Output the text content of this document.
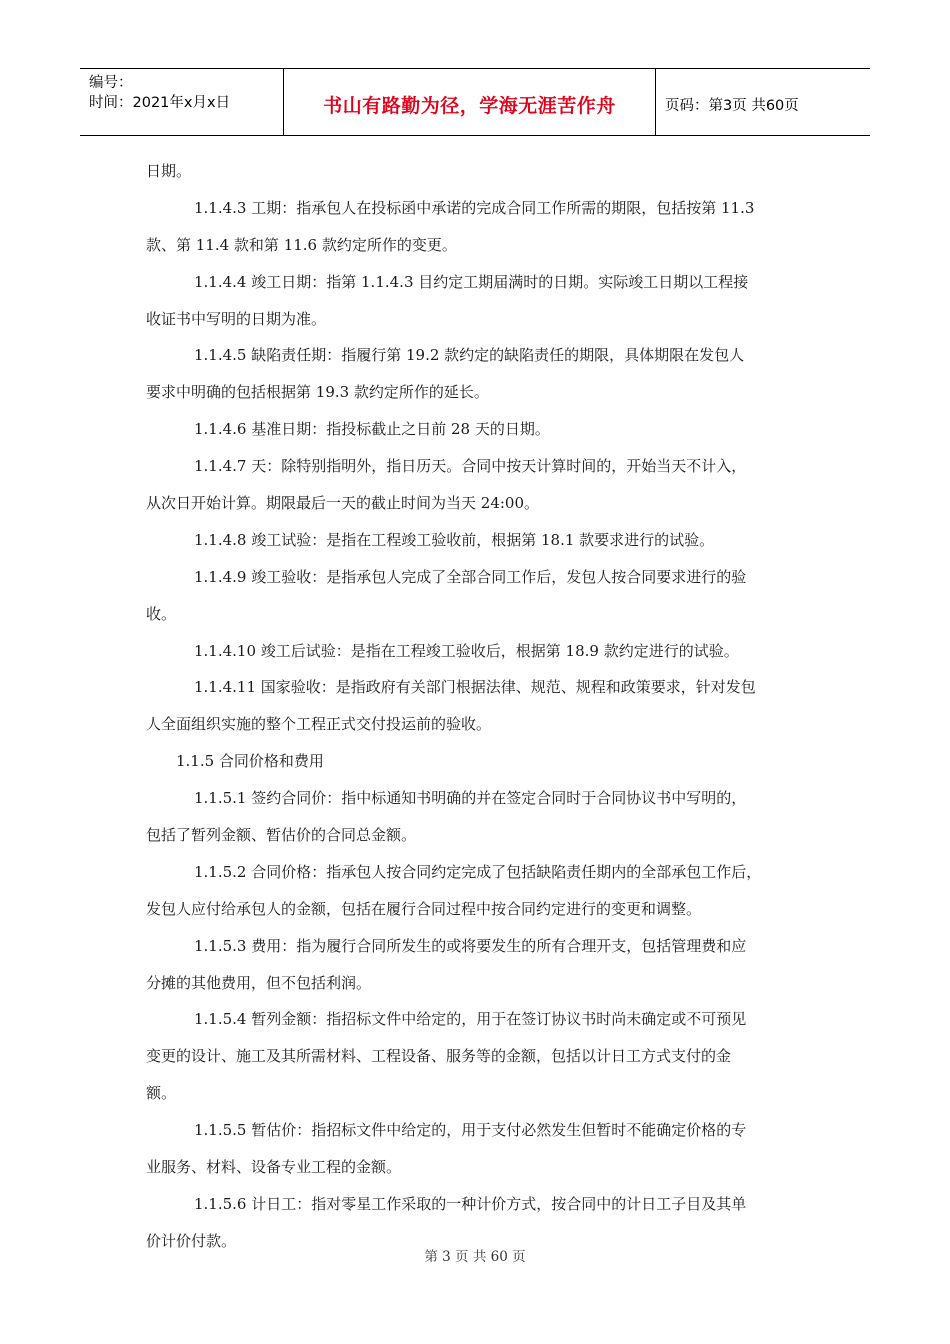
编号：
时间：2021年x月x日	书山有路勤为径，学海无涯苦作舟	页码：第3页 共60页
日期。
1.1.4.3 工期：指承包人在投标函中承诺的完成合同工作所需的期限，包括按第 11.3
款、第 11.4 款和第 11.6 款约定所作的变更。
1.1.4.4 竣工日期：指第 1.1.4.3 目约定工期届满时的日期。实际竣工日期以工程接
收证书中写明的日期为准。
1.1.4.5 缺陷责任期：指履行第 19.2 款约定的缺陷责任的期限，具体期限在发包人
要求中明确的包括根据第 19.3 款约定所作的延长。
1.1.4.6 基准日期：指投标截止之日前 28 天的日期。
1.1.4.7 天：除特别指明外，指日历天。合同中按天计算时间的，开始当天不计入，
从次日开始计算。期限最后一天的截止时间为当天 24:00。
1.1.4.8 竣工试验：是指在工程竣工验收前，根据第 18.1 款要求进行的试验。
1.1.4.9 竣工验收：是指承包人完成了全部合同工作后，发包人按合同要求进行的验
收。
1.1.4.10 竣工后试验：是指在工程竣工验收后，根据第 18.9 款约定进行的试验。
1.1.4.11 国家验收：是指政府有关部门根据法律、规范、规程和政策要求，针对发包
人全面组织实施的整个工程正式交付投运前的验收。
1.1.5 合同价格和费用
1.1.5.1 签约合同价：指中标通知书明确的并在签定合同时于合同协议书中写明的，
包括了暂列金额、暂估价的合同总金额。
1.1.5.2 合同价格：指承包人按合同约定完成了包括缺陷责任期内的全部承包工作后，
发包人应付给承包人的金额，包括在履行合同过程中按合同约定进行的变更和调整。
1.1.5.3 费用：指为履行合同所发生的或将要发生的所有合理开支，包括管理费和应
分摊的其他费用，但不包括利润。
1.1.5.4 暂列金额：指招标文件中给定的，用于在签订协议书时尚未确定或不可预见
变更的设计、施工及其所需材料、工程设备、服务等的金额，包括以计日工方式支付的金
额。
1.1.5.5 暂估价：指招标文件中给定的，用于支付必然发生但暂时不能确定价格的专
业服务、材料、设备专业工程的金额。
1.1.5.6 计日工：指对零星工作采取的一种计价方式，按合同中的计日工子目及其单
价计价付款。
第 3 页 共 60 页
